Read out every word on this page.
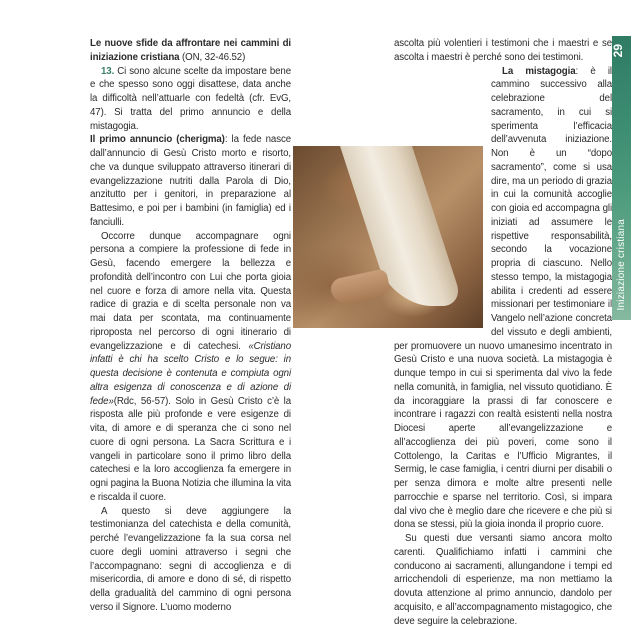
Le nuove sfide da affrontare nei cammini di iniziazione cristiana (ON, 32-46.52)

13. Ci sono alcune scelte da impostare bene e che spesso sono oggi disattese, data anche la difficoltà nell’attuarle con fedeltà (cfr. EvG, 47). Si tratta del primo annuncio e della mistagogia.

Il primo annuncio (cherigma): la fede nasce dall’annuncio di Gesù Cristo morto e risorto, che va dunque sviluppato attraverso itinerari di evangelizzazione nutriti dalla Parola di Dio, anzitutto per i genitori, in preparazione al Battesimo, e poi per i bambini (in famiglia) ed i fanciulli.

Occorre dunque accompagnare ogni persona a compiere la professione di fede in Gesù, facendo emergere la bellezza e profondità dell’incontro con Lui che porta gioia nel cuore e forza di amore nella vita. Questa radice di grazia e di scelta personale non va mai data per scontata, ma continuamente riproposta nel percorso di ogni itinerario di evangelizzazione e di catechesi. «Cristiano infatti è chi ha scelto Cristo e lo segue: in questa decisione è contenuta e compiuta ogni altra esigenza di conoscenza e di azione di fede»(Rdc, 56-57). Solo in Gesù Cristo c’è la risposta alle più profonde e vere esigenze di vita, di amore e di speranza che ci sono nel cuore di ogni persona. La Sacra Scrittura e i vangeli in particolare sono il primo libro della catechesi e la loro accoglienza fa emergere in ogni pagina la Buona Notizia che illumina la vita e riscalda il cuore.

A questo si deve aggiungere la testimonianza del catechista e della comunità, perché l’evangelizzazione fa la sua corsa nel cuore degli uomini attraverso i segni che l’accompagnano: segni di accoglienza e di misericordia, di amore e dono di sé, di rispetto della gradualità del cammino di ogni persona verso il Signore. L’uomo moderno

ascolta più volentieri i testimoni che i maestri e se ascolta i maestri è perché sono dei testimoni.

La mistagogia: è il cammino successivo alla celebrazione del sacramento, in cui si sperimenta l’efficacia dell’avvenuta iniziazione. Non è un “dopo sacramento”, come si usa dire, ma un periodo di grazia in cui la comunità accoglie con gioia ed accompagna gli iniziati ad assumere le rispettive responsabilità, secondo la vocazione propria di ciascuno. Nello stesso tempo, la mistagogia abilita i credenti ad essere missionari per testimoniare il Vangelo nell’azione concreta del vissuto e degli ambienti, per promuovere un nuovo umanesimo incentrato in Gesù Cristo e una nuova società. La mistagogia è dunque tempo in cui si sperimenta dal vivo la fede nella comunità, in famiglia, nel vissuto quotidiano. È da incoraggiare la prassi di far conoscere e incontrare i ragazzi con realtà esistenti nella nostra Diocesi aperte all’evangelizzazione e all’accoglienza dei più poveri, come sono il Cottolengo, la Caritas e l’Ufficio Migrantes, il Sermig, le case famiglia, i centri diurni per disabili o per senza dimora e molte altre presenti nelle parrocchie e sparse nel territorio. Così, si impara dal vivo che è meglio dare che ricevere e che più si dona se stessi, più la gioia inonda il proprio cuore.

Su questi due versanti siamo ancora molto carenti. Qualifichiamo infatti i cammini che conducono ai sacramenti, allungandone i tempi ed arricchendoli di esperienze, ma non mettiamo la dovuta attenzione al primo annuncio, dandolo per acquisito, e all’accompagnamento mistagogico, che deve seguire la celebrazione.

29
Iniziazione cristiana
